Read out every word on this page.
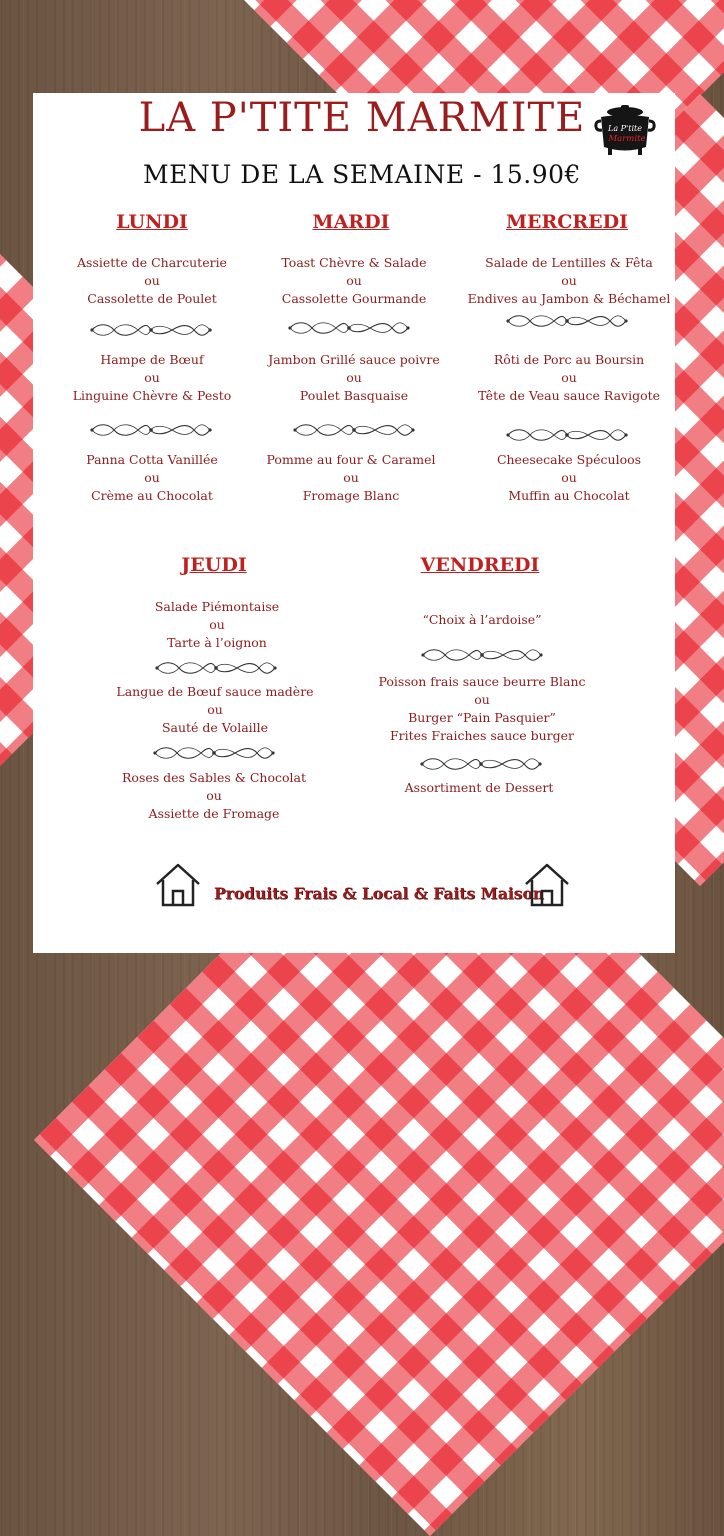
LA P'TITE MARMITE	La P'tite
Marmite
MENU DE LA SEMAINE - 15.90€
LUNDI	MARDI	MERCREDI
JEUDI	VENDREDI
Assiette de Charcuterie
ou
Cassolette de Poulet
Hampe de Bœuf
ou
Linguine Chèvre & Pesto
Panna Cotta Vanillée
ou
Crème au Chocolat
Toast Chèvre & Salade
ou
Cassolette Gourmande
Jambon Grillé sauce poivre
ou
Poulet Basquaise
Pomme au four & Caramel
ou
Fromage Blanc
Salade de Lentilles & Fêta
ou
Endives au Jambon & Béchamel
Rôti de Porc au Boursin
ou
Tête de Veau sauce Ravigote
Cheesecake Spéculoos
ou
Muffin au Chocolat
Salade Piémontaise
ou
Tarte à l’oignon
Langue de Bœuf sauce madère
ou
Sauté de Volaille
Roses des Sables & Chocolat
ou
Assiette de Fromage
“Choix à l’ardoise”
Poisson frais sauce beurre Blanc
ou
Burger “Pain Pasquier”
Frites Fraiches sauce burger
Assortiment de Dessert
Produits Frais & Local & Faits Maison
